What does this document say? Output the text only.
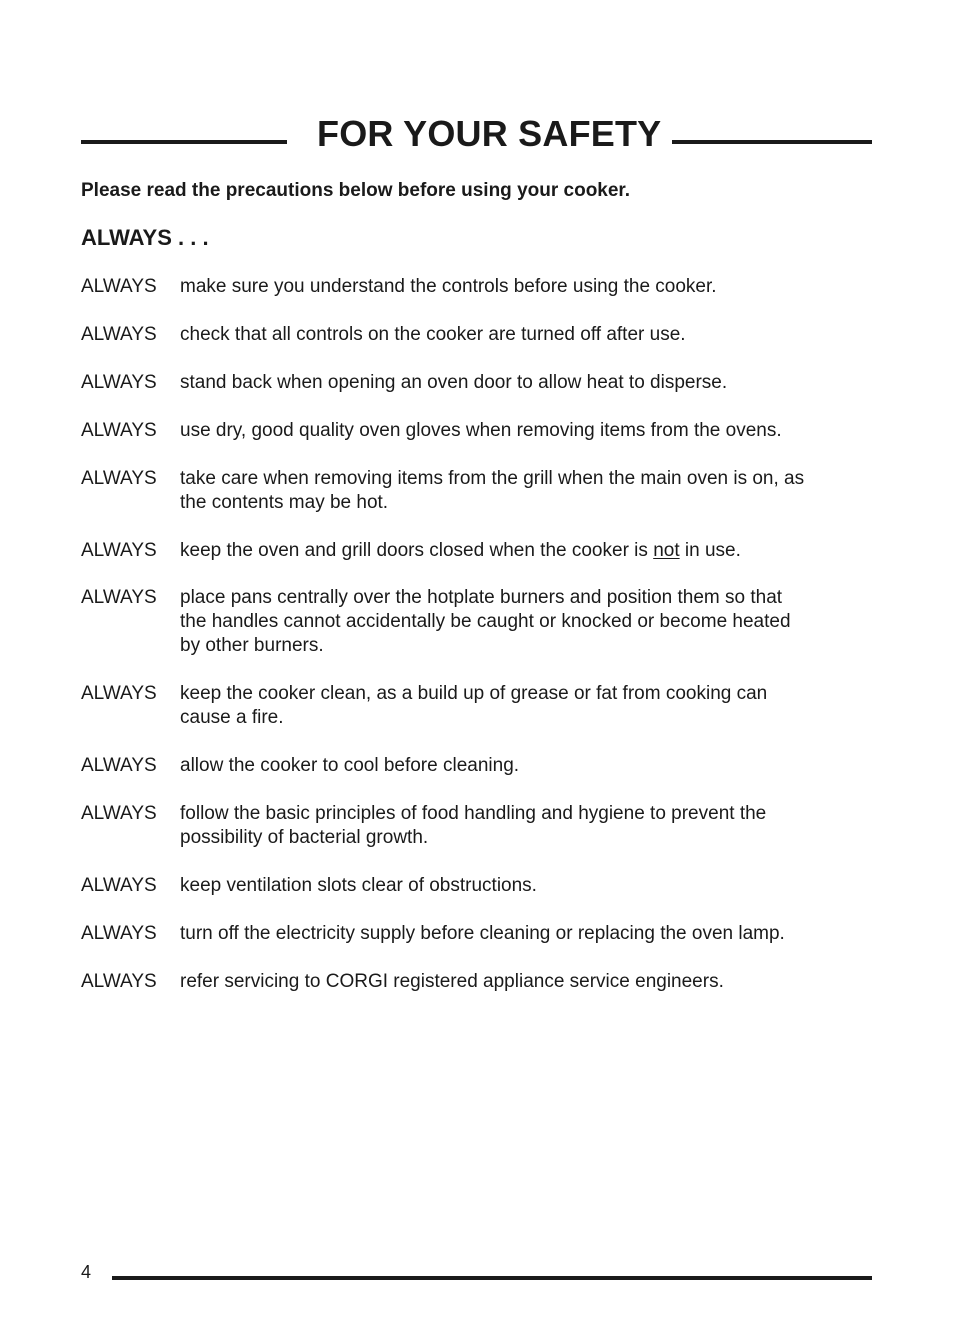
FOR YOUR SAFETY
Please read the precautions below before using your cooker.
ALWAYS . . .
ALWAYS	make sure you understand the controls before using the cooker.
ALWAYS	check that all controls on the cooker are turned off after use.
ALWAYS	stand back when opening an oven door to allow heat to disperse.
ALWAYS	use dry, good quality oven gloves when removing items from the ovens.
ALWAYS	take care when removing items from the grill when the main oven is on, as
the contents may be hot.
ALWAYS	keep the oven and grill doors closed when the cooker is not in use.
ALWAYS	place pans centrally over the hotplate burners and position them so that
the handles cannot accidentally be caught or knocked or become heated
by other burners.
ALWAYS	keep the cooker clean, as a build up of grease or fat from cooking can
cause a fire.
ALWAYS	allow the cooker to cool before cleaning.
ALWAYS	follow the basic principles of food handling and hygiene to prevent the
possibility of bacterial growth.
ALWAYS	keep ventilation slots clear of obstructions.
ALWAYS	turn off the electricity supply before cleaning or replacing the oven lamp.
ALWAYS	refer servicing to CORGI registered appliance service engineers.
4
